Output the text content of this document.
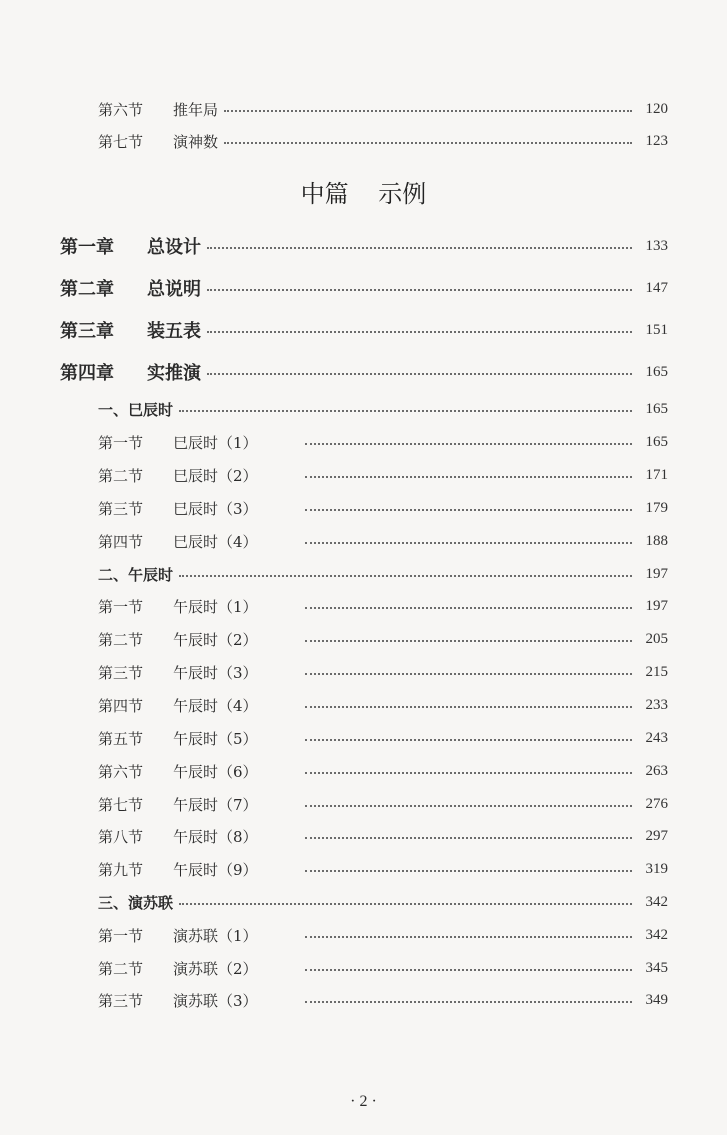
第六节 推年局	120
第七节 演神数	123
中篇 示例
第一章 总设计	133
第二章 总说明	147
第三章 装五表	151
第四章 实推演	165
一、巳辰时	165
第一节 巳辰时（1）	165
第二节 巳辰时（2）	171
第三节 巳辰时（3）	179
第四节 巳辰时（4）	188
二、午辰时	197
第一节 午辰时（1）	197
第二节 午辰时（2）	205
第三节 午辰时（3）	215
第四节 午辰时（4）	233
第五节 午辰时（5）	243
第六节 午辰时（6）	263
第七节 午辰时（7）	276
第八节 午辰时（8）	297
第九节 午辰时（9）	319
三、演苏联	342
第一节 演苏联（1）	342
第二节 演苏联（2）	345
第三节 演苏联（3）	349
· 2 ·
